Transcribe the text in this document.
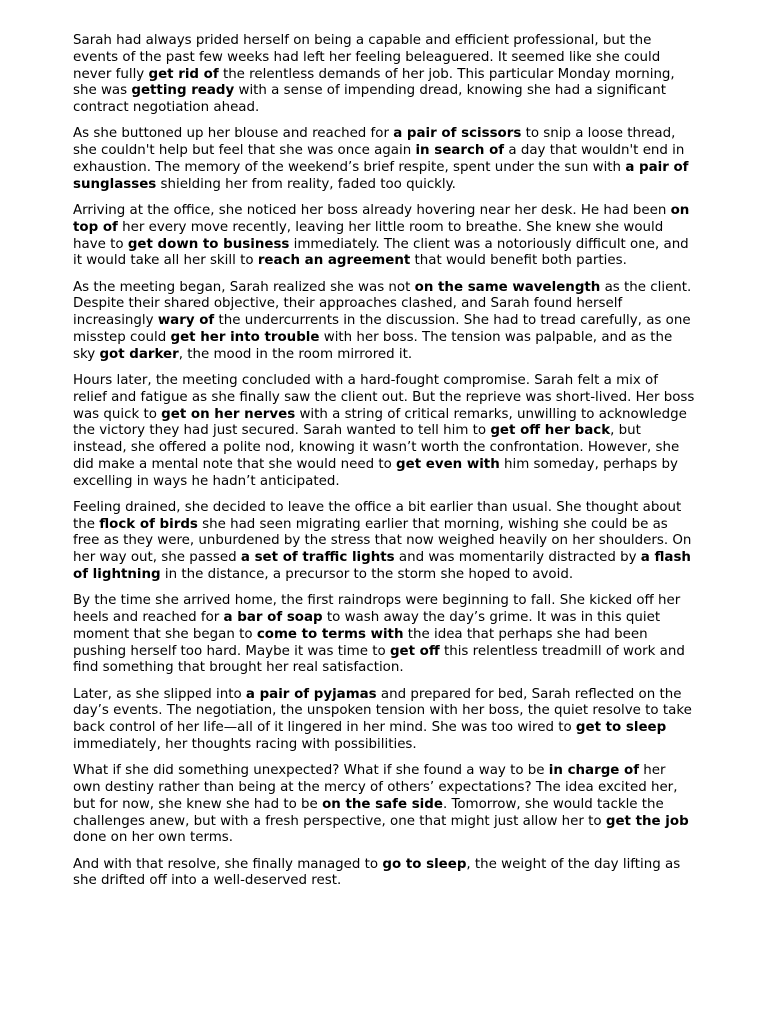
Sarah had always prided herself on being a capable and efficient professional, but the events of the past few weeks had left her feeling beleaguered. It seemed like she could never fully get rid of the relentless demands of her job. This particular Monday morning, she was getting ready with a sense of impending dread, knowing she had a significant contract negotiation ahead.

As she buttoned up her blouse and reached for a pair of scissors to snip a loose thread, she couldn't help but feel that she was once again in search of a day that wouldn't end in exhaustion. The memory of the weekend’s brief respite, spent under the sun with a pair of sunglasses shielding her from reality, faded too quickly.

Arriving at the office, she noticed her boss already hovering near her desk. He had been on top of her every move recently, leaving her little room to breathe. She knew she would have to get down to business immediately. The client was a notoriously difficult one, and it would take all her skill to reach an agreement that would benefit both parties.

As the meeting began, Sarah realized she was not on the same wavelength as the client. Despite their shared objective, their approaches clashed, and Sarah found herself increasingly wary of the undercurrents in the discussion. She had to tread carefully, as one misstep could get her into trouble with her boss. The tension was palpable, and as the sky got darker, the mood in the room mirrored it.

Hours later, the meeting concluded with a hard-fought compromise. Sarah felt a mix of relief and fatigue as she finally saw the client out. But the reprieve was short-lived. Her boss was quick to get on her nerves with a string of critical remarks, unwilling to acknowledge the victory they had just secured. Sarah wanted to tell him to get off her back, but instead, she offered a polite nod, knowing it wasn’t worth the confrontation. However, she did make a mental note that she would need to get even with him someday, perhaps by excelling in ways he hadn’t anticipated.

Feeling drained, she decided to leave the office a bit earlier than usual. She thought about the flock of birds she had seen migrating earlier that morning, wishing she could be as free as they were, unburdened by the stress that now weighed heavily on her shoulders. On her way out, she passed a set of traffic lights and was momentarily distracted by a flash of lightning in the distance, a precursor to the storm she hoped to avoid.

By the time she arrived home, the first raindrops were beginning to fall. She kicked off her heels and reached for a bar of soap to wash away the day’s grime. It was in this quiet moment that she began to come to terms with the idea that perhaps she had been pushing herself too hard. Maybe it was time to get off this relentless treadmill of work and find something that brought her real satisfaction.

Later, as she slipped into a pair of pyjamas and prepared for bed, Sarah reflected on the day’s events. The negotiation, the unspoken tension with her boss, the quiet resolve to take back control of her life—all of it lingered in her mind. She was too wired to get to sleep immediately, her thoughts racing with possibilities.

What if she did something unexpected? What if she found a way to be in charge of her own destiny rather than being at the mercy of others’ expectations? The idea excited her, but for now, she knew she had to be on the safe side. Tomorrow, she would tackle the challenges anew, but with a fresh perspective, one that might just allow her to get the job done on her own terms.

And with that resolve, she finally managed to go to sleep, the weight of the day lifting as she drifted off into a well-deserved rest.
